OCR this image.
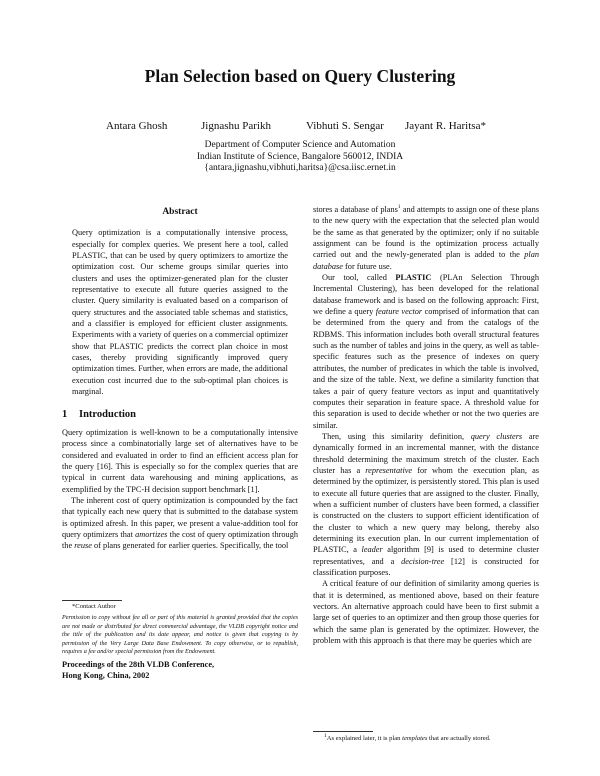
Plan Selection based on Query Clustering
Antara Ghosh	Jignashu Parikh	Vibhuti S. Sengar Jayant R. Haritsa*
Department of Computer Science and Automation
Indian Institute of Science, Bangalore 560012, INDIA
{antara,jignashu,vibhuti,haritsa}@csa.iisc.ernet.in
Abstract

Query optimization is a computationally intensive process, especially for complex queries. We present here a tool, called PLASTIC, that can be used by query optimizers to amortize the optimization cost. Our scheme groups similar queries into clusters and uses the optimizer-generated plan for the cluster representative to execute all future queries assigned to the cluster. Query similarity is evaluated based on a comparison of query structures and the associated table schemas and statistics, and a classifier is employed for efficient cluster assignments. Experiments with a variety of queries on a commercial optimizer show that PLASTIC predicts the correct plan choice in most cases, thereby providing significantly improved query optimization times. Further, when errors are made, the additional execution cost incurred due to the sub-optimal plan choices is marginal.

1 Introduction

Query optimization is well-known to be a computationally intensive process since a combinatorially large set of alternatives have to be considered and evaluated in order to find an efficient access plan for the query [16]. This is especially so for the complex queries that are typical in current data warehousing and mining applications, as exemplified by the TPC-H decision support benchmark [1].

The inherent cost of query optimization is compounded by the fact that typically each new query that is submitted to the database system is optimized afresh. In this paper, we present a value-addition tool for query optimizers that amortizes the cost of query optimization through the reuse of plans generated for earlier queries. Specifically, the tool

*Contact Author
Permission to copy without fee all or part of this material is granted provided that the copies are not made or distributed for direct commercial advantage, the VLDB copyright notice and the title of the publication and its date appear, and notice is given that copying is by permission of the Very Large Data Base Endowment. To copy otherwise, or to republish, requires a fee and/or special permission from the Endowment.
Proceedings of the 28th VLDB Conference,
Hong Kong, China, 2002

stores a database of plans$^1$ and attempts to assign one of these plans to the new query with the expectation that the selected plan would be the same as that generated by the optimizer; only if no suitable assignment can be found is the optimization process actually carried out and the newly-generated plan is added to the plan database for future use.

Our tool, called PLASTIC (PLAn Selection Through Incremental Clustering), has been developed for the relational database framework and is based on the following approach: First, we define a query feature vector comprised of information that can be determined from the query and from the catalogs of the RDBMS. This information includes both overall structural features such as the number of tables and joins in the query, as well as table-specific features such as the presence of indexes on query attributes, the number of predicates in which the table is involved, and the size of the table. Next, we define a similarity function that takes a pair of query feature vectors as input and quantitatively computes their separation in feature space. A threshold value for this separation is used to decide whether or not the two queries are similar.

Then, using this similarity definition, query clusters are dynamically formed in an incremental manner, with the distance threshold determining the maximum stretch of the cluster. Each cluster has a representative for whom the execution plan, as determined by the optimizer, is persistently stored. This plan is used to execute all future queries that are assigned to the cluster. Finally, when a sufficient number of clusters have been formed, a classifier is constructed on the clusters to support efficient identification of the cluster to which a new query may belong, thereby also determining its execution plan. In our current implementation of PLASTIC, a leader algorithm [9] is used to determine cluster representatives, and a decision-tree [12] is constructed for classification purposes.

A critical feature of our definition of similarity among queries is that it is determined, as mentioned above, based on their feature vectors. An alternative approach could have been to first submit a large set of queries to an optimizer and then group those queries for which the same plan is generated by the optimizer. However, the problem with this approach is that there may be queries which are

$^1$As explained later, it is plan templates that are actually stored.
